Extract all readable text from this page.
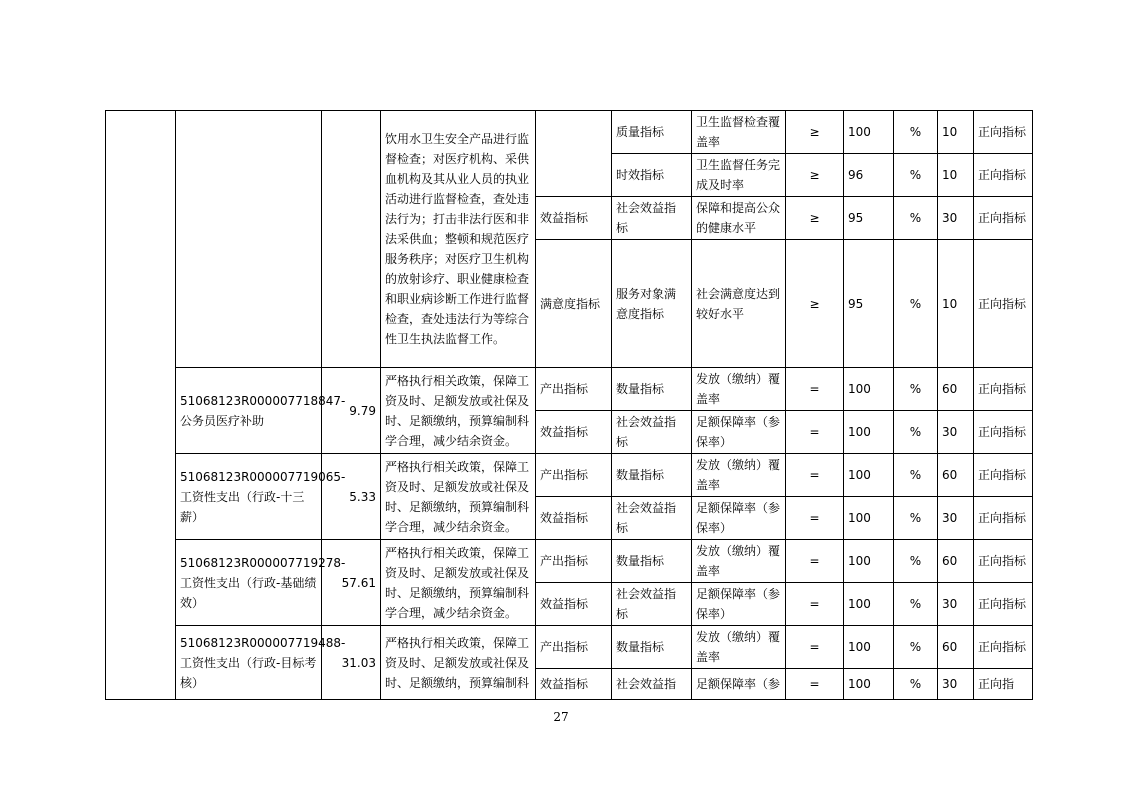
			饮用水卫生安全产品进行监督检查；对医疗机构、采供血机构及其从业人员的执业活动进行监督检查，查处违法行为；打击非法行医和非法采供血；整顿和规范医疗服务秩序；对医疗卫生机构的放射诊疗、职业健康检查和职业病诊断工作进行监督检查，查处违法行为等综合性卫生执法监督工作。		质量指标	卫生监督检查覆盖率	≥	100	%	10	正向指标
					时效指标	卫生监督任务完成及时率	≥	96	%	10	正向指标
				效益指标	社会效益指标	保障和提高公众的健康水平	≥	95	%	30	正向指标
				满意度指标	服务对象满意度指标	社会满意度达到较好水平	≥	95	%	10	正向指标
	51068123R000007718847-公务员医疗补助	9.79	严格执行相关政策，保障工资及时、足额发放或社保及时、足额缴纳，预算编制科学合理，减少结余资金。	产出指标	数量指标	发放（缴纳）覆盖率	=	100	%	60	正向指标
				效益指标	社会效益指标	足额保障率（参保率）	=	100	%	30	正向指标
	51068123R000007719065-工资性支出（行政-十三薪）	5.33	严格执行相关政策，保障工资及时、足额发放或社保及时、足额缴纳，预算编制科学合理，减少结余资金。	产出指标	数量指标	发放（缴纳）覆盖率	=	100	%	60	正向指标
				效益指标	社会效益指标	足额保障率（参保率）	=	100	%	30	正向指标
	51068123R000007719278-工资性支出（行政-基础绩效）	57.61	严格执行相关政策，保障工资及时、足额发放或社保及时、足额缴纳，预算编制科学合理，减少结余资金。	产出指标	数量指标	发放（缴纳）覆盖率	=	100	%	60	正向指标
				效益指标	社会效益指标	足额保障率（参保率）	=	100	%	30	正向指标
	51068123R000007719488-工资性支出（行政-目标考核）	31.03	严格执行相关政策，保障工资及时、足额发放或社保及时、足额缴纳，预算编制科	产出指标	数量指标	发放（缴纳）覆盖率	=	100	%	60	正向指标
				效益指标	社会效益指	足额保障率（参	=	100	%	30	正向指
27
